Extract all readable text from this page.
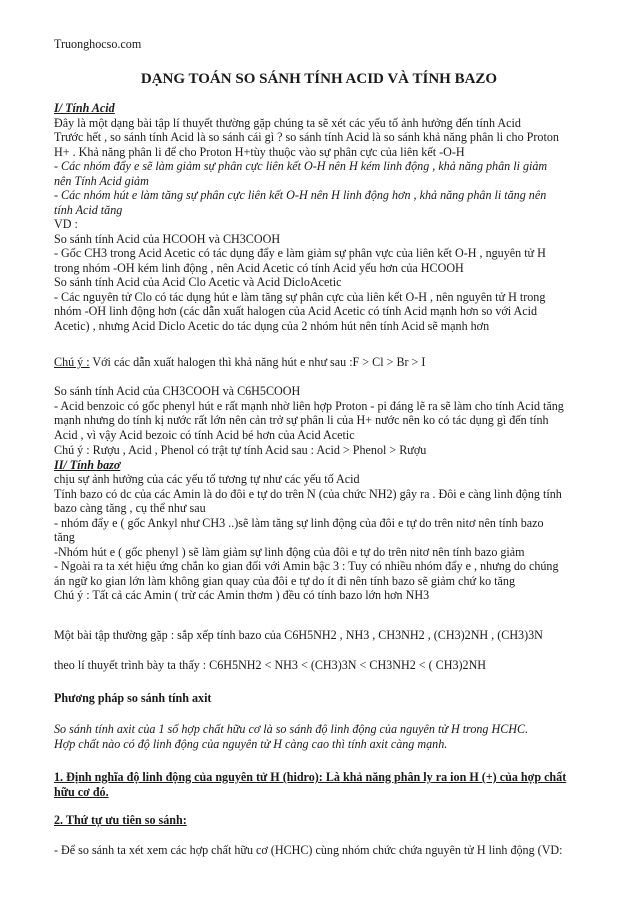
Truonghocso.com
DẠNG TOÁN SO SÁNH TÍNH ACID VÀ TÍNH BAZO

I/ Tính Acid

Đây là một dạng bài tập lí thuyết thường gặp chúng ta sẽ xét các yếu tố ảnh hưởng đến tính Acid

Trước hết , so sánh tính Acid là so sánh cái gì ? so sánh tính Acid là so sánh khả năng phân li cho Proton

H+ . Khả năng phân li để cho Proton H+tùy thuộc vào sự phân cực của liên kết -O-H

- Các nhóm đẩy e sẽ làm giảm sự phân cực liên kết O-H nên H kém linh động , khả năng phân li giảm

nên Tính Acid giảm

- Các nhóm hút e làm tăng sự phân cực liên kết O-H nên H linh động hơn , khả năng phân li tăng nên

tính Acid tăng

VD :

So sánh tính Acid của HCOOH và CH3COOH

- Gốc CH3 trong Acid Acetic có tác dụng đẩy e làm giảm sự phân vực của liên kết O-H , nguyên tử H

trong nhóm -OH kém linh động , nên Acid Acetic có tính Acid yếu hơn của HCOOH

So sánh tính Acid của Acid Clo Acetic và Acid DicloAcetic

- Các nguyên tử Clo có tác dụng hút e làm tăng sự phân cực của liên kết O-H , nên nguyên tử H trong

nhóm -OH linh động hơn (các dẫn xuất halogen của Acid Acetic có tính Acid mạnh hơn so với Acid

Acetic) , nhưng Acid Diclo Acetic do tác dụng của 2 nhóm hút nên tính Acid sẽ mạnh hơn

Chú ý : Với các dẫn xuất halogen thì khả năng hút e như sau :F > Cl > Br > I

So sánh tính Acid của CH3COOH và C6H5COOH

- Acid benzoic có gốc phenyl hút e rất mạnh nhờ liên hợp Proton - pi đáng lẽ ra sẽ làm cho tính Acid tăng

mạnh nhưng do tính kị nước rất lớn nên cản trở sự phân li của H+ nước nên ko có tác dụng gì đến tính

Acid , vì vậy Acid bezoic có tính Acid bé hơn của Acid Acetic

Chú ý : Rượu , Acid , Phenol có trật tự tính Acid sau : Acid > Phenol > Rượu

II/ Tính bazơ

chịu sự ảnh hưởng của các yếu tố tương tự như các yếu tố Acid

Tính bazo có dc của các Amin là do đôi e tự do trên N (của chức NH2) gây ra . Đôi e càng linh động tính

bazo càng tăng , cụ thể như sau

- nhóm đẩy e ( gốc Ankyl như CH3 ..)sẽ làm tăng sự linh động của đôi e tự do trên nitơ nên tính bazo

tăng

-Nhóm hút e ( gốc phenyl ) sẽ làm giảm sự linh động của đôi e tự do trên nitơ nên tính bazo giảm

- Ngoài ra ta xét hiệu ứng chắn ko gian đối với Amin bậc 3 : Tuy có nhiều nhóm đẩy e , nhưng do chúng

án ngữ ko gian lớn làm không gian quay của đôi e tự do ít đi nên tính bazo sẽ giảm chứ ko tăng

Chú ý : Tất cả các Amin ( trừ các Amin thơm ) đều có tính bazo lớn hơn NH3

Một bài tập thường gặp : sắp xếp tính bazo của C6H5NH2 , NH3 , CH3NH2 , (CH3)2NH , (CH3)3N

theo lí thuyết trình bày ta thấy : C6H5NH2 < NH3 < (CH3)3N < CH3NH2 < ( CH3)2NH

Phương pháp so sánh tính axit

So sánh tính axit của 1 số hợp chất hữu cơ là so sánh độ linh động của nguyên tử H trong HCHC.

Hợp chất nào có độ linh động của nguyên tử H càng cao thì tính axit càng mạnh.

1. Định nghĩa độ linh động của nguyên tử H (hidro): Là khả năng phân ly ra ion H (+) của hợp chất

hữu cơ đó.

2. Thứ tự ưu tiên so sánh:

- Để so sánh ta xét xem các hợp chất hữu cơ (HCHC) cùng nhóm chức chứa nguyên tử H linh động (VD:
